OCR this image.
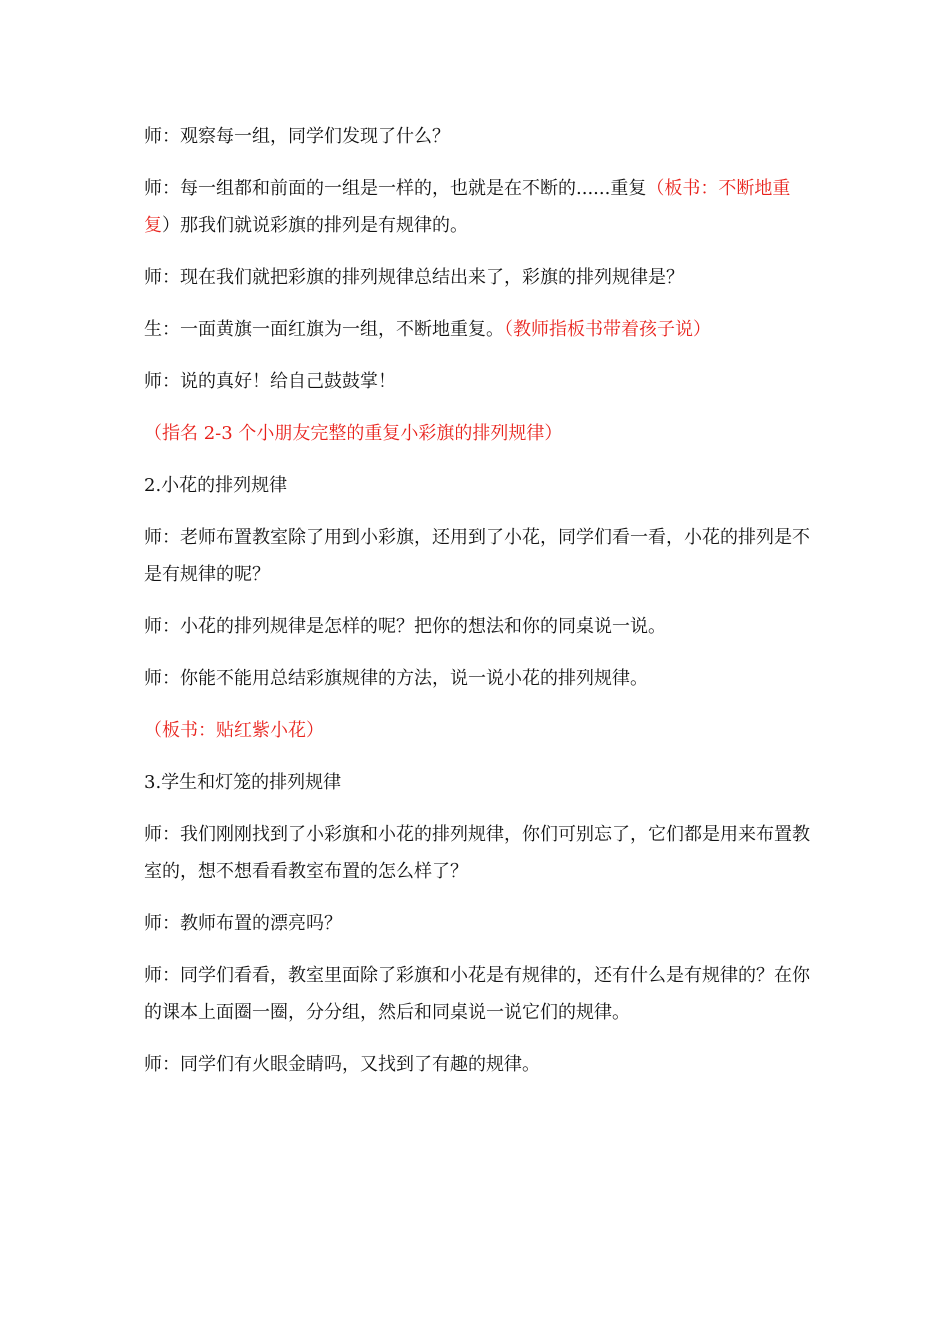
师：观察每一组，同学们发现了什么？

师：每一组都和前面的一组是一样的，也就是在不断的......重复（板书：不断地重复）那我们就说彩旗的排列是有规律的。

师：现在我们就把彩旗的排列规律总结出来了，彩旗的排列规律是？

生：一面黄旗一面红旗为一组，不断地重复。（教师指板书带着孩子说）

师：说的真好！给自己鼓鼓掌！

（指名 2-3 个小朋友完整的重复小彩旗的排列规律）

2.小花的排列规律

师：老师布置教室除了用到小彩旗，还用到了小花，同学们看一看，小花的排列是不是有规律的呢？

师：小花的排列规律是怎样的呢？把你的想法和你的同桌说一说。

师：你能不能用总结彩旗规律的方法，说一说小花的排列规律。

（板书：贴红紫小花）

3.学生和灯笼的排列规律

师：我们刚刚找到了小彩旗和小花的排列规律，你们可别忘了，它们都是用来布置教室的，想不想看看教室布置的怎么样了？

师：教师布置的漂亮吗？

师：同学们看看，教室里面除了彩旗和小花是有规律的，还有什么是有规律的？在你的课本上面圈一圈，分分组，然后和同桌说一说它们的规律。

师：同学们有火眼金睛吗，又找到了有趣的规律。
